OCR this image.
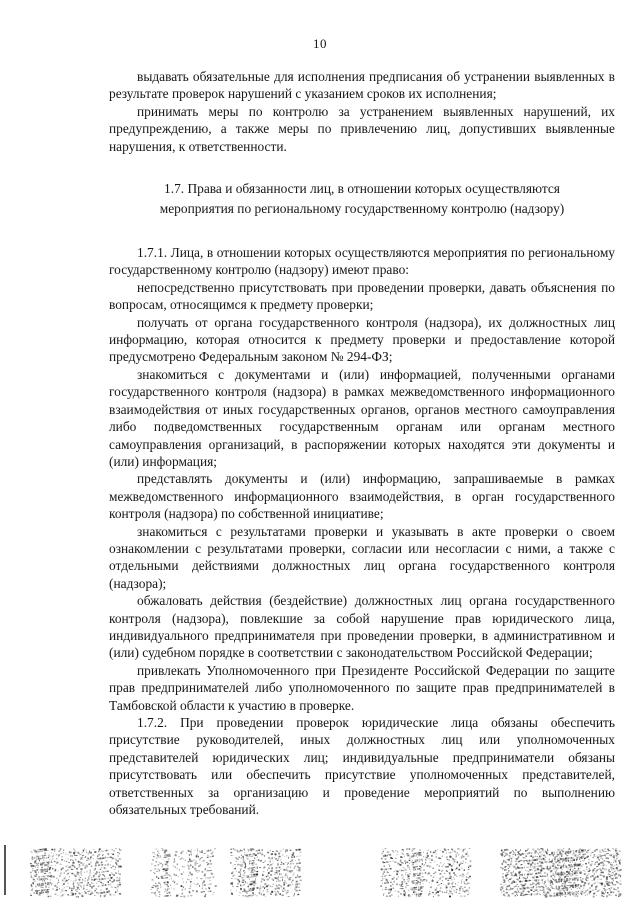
10

выдавать обязательные для исполнения предписания об устранении выявленных в результате проверок нарушений с указанием сроков их исполнения;

принимать меры по контролю за устранением выявленных нарушений, их предупреждению, а также меры по привлечению лиц, допустивших выявленные нарушения, к ответственности.

1.7. Права и обязанности лиц, в отношении которых осуществляются
мероприятия по региональному государственному контролю (надзору)

1.7.1. Лица, в отношении которых осуществляются мероприятия по региональному государственному контролю (надзору) имеют право:

непосредственно присутствовать при проведении проверки, давать объяснения по вопросам, относящимся к предмету проверки;

получать от органа государственного контроля (надзора), их должностных лиц информацию, которая относится к предмету проверки и предоставление которой предусмотрено Федеральным законом № 294-ФЗ;

знакомиться с документами и (или) информацией, полученными органами государственного контроля (надзора) в рамках межведомственного информационного взаимодействия от иных государственных органов, органов местного самоуправления либо подведомственных государственным органам или органам местного самоуправления организаций, в распоряжении которых находятся эти документы и (или) информация;

представлять документы и (или) информацию, запрашиваемые в рамках межведомственного информационного взаимодействия, в орган государственного контроля (надзора) по собственной инициативе;

знакомиться с результатами проверки и указывать в акте проверки о своем ознакомлении с результатами проверки, согласии или несогласии с ними, а также с отдельными действиями должностных лиц органа государственного контроля (надзора);

обжаловать действия (бездействие) должностных лиц органа государственного контроля (надзора), повлекшие за собой нарушение прав юридического лица, индивидуального предпринимателя при проведении проверки, в административном и (или) судебном порядке в соответствии с законодательством Российской Федерации;

привлекать Уполномоченного при Президенте Российской Федерации по защите прав предпринимателей либо уполномоченного по защите прав предпринимателей в Тамбовской области к участию в проверке.

1.7.2. При проведении проверок юридические лица обязаны обеспечить присутствие руководителей, иных должностных лиц или уполномоченных представителей юридических лиц; индивидуальные предприниматели обязаны присутствовать или обеспечить присутствие уполномоченных представителей, ответственных за организацию и проведение мероприятий по выполнению обязательных требований.
